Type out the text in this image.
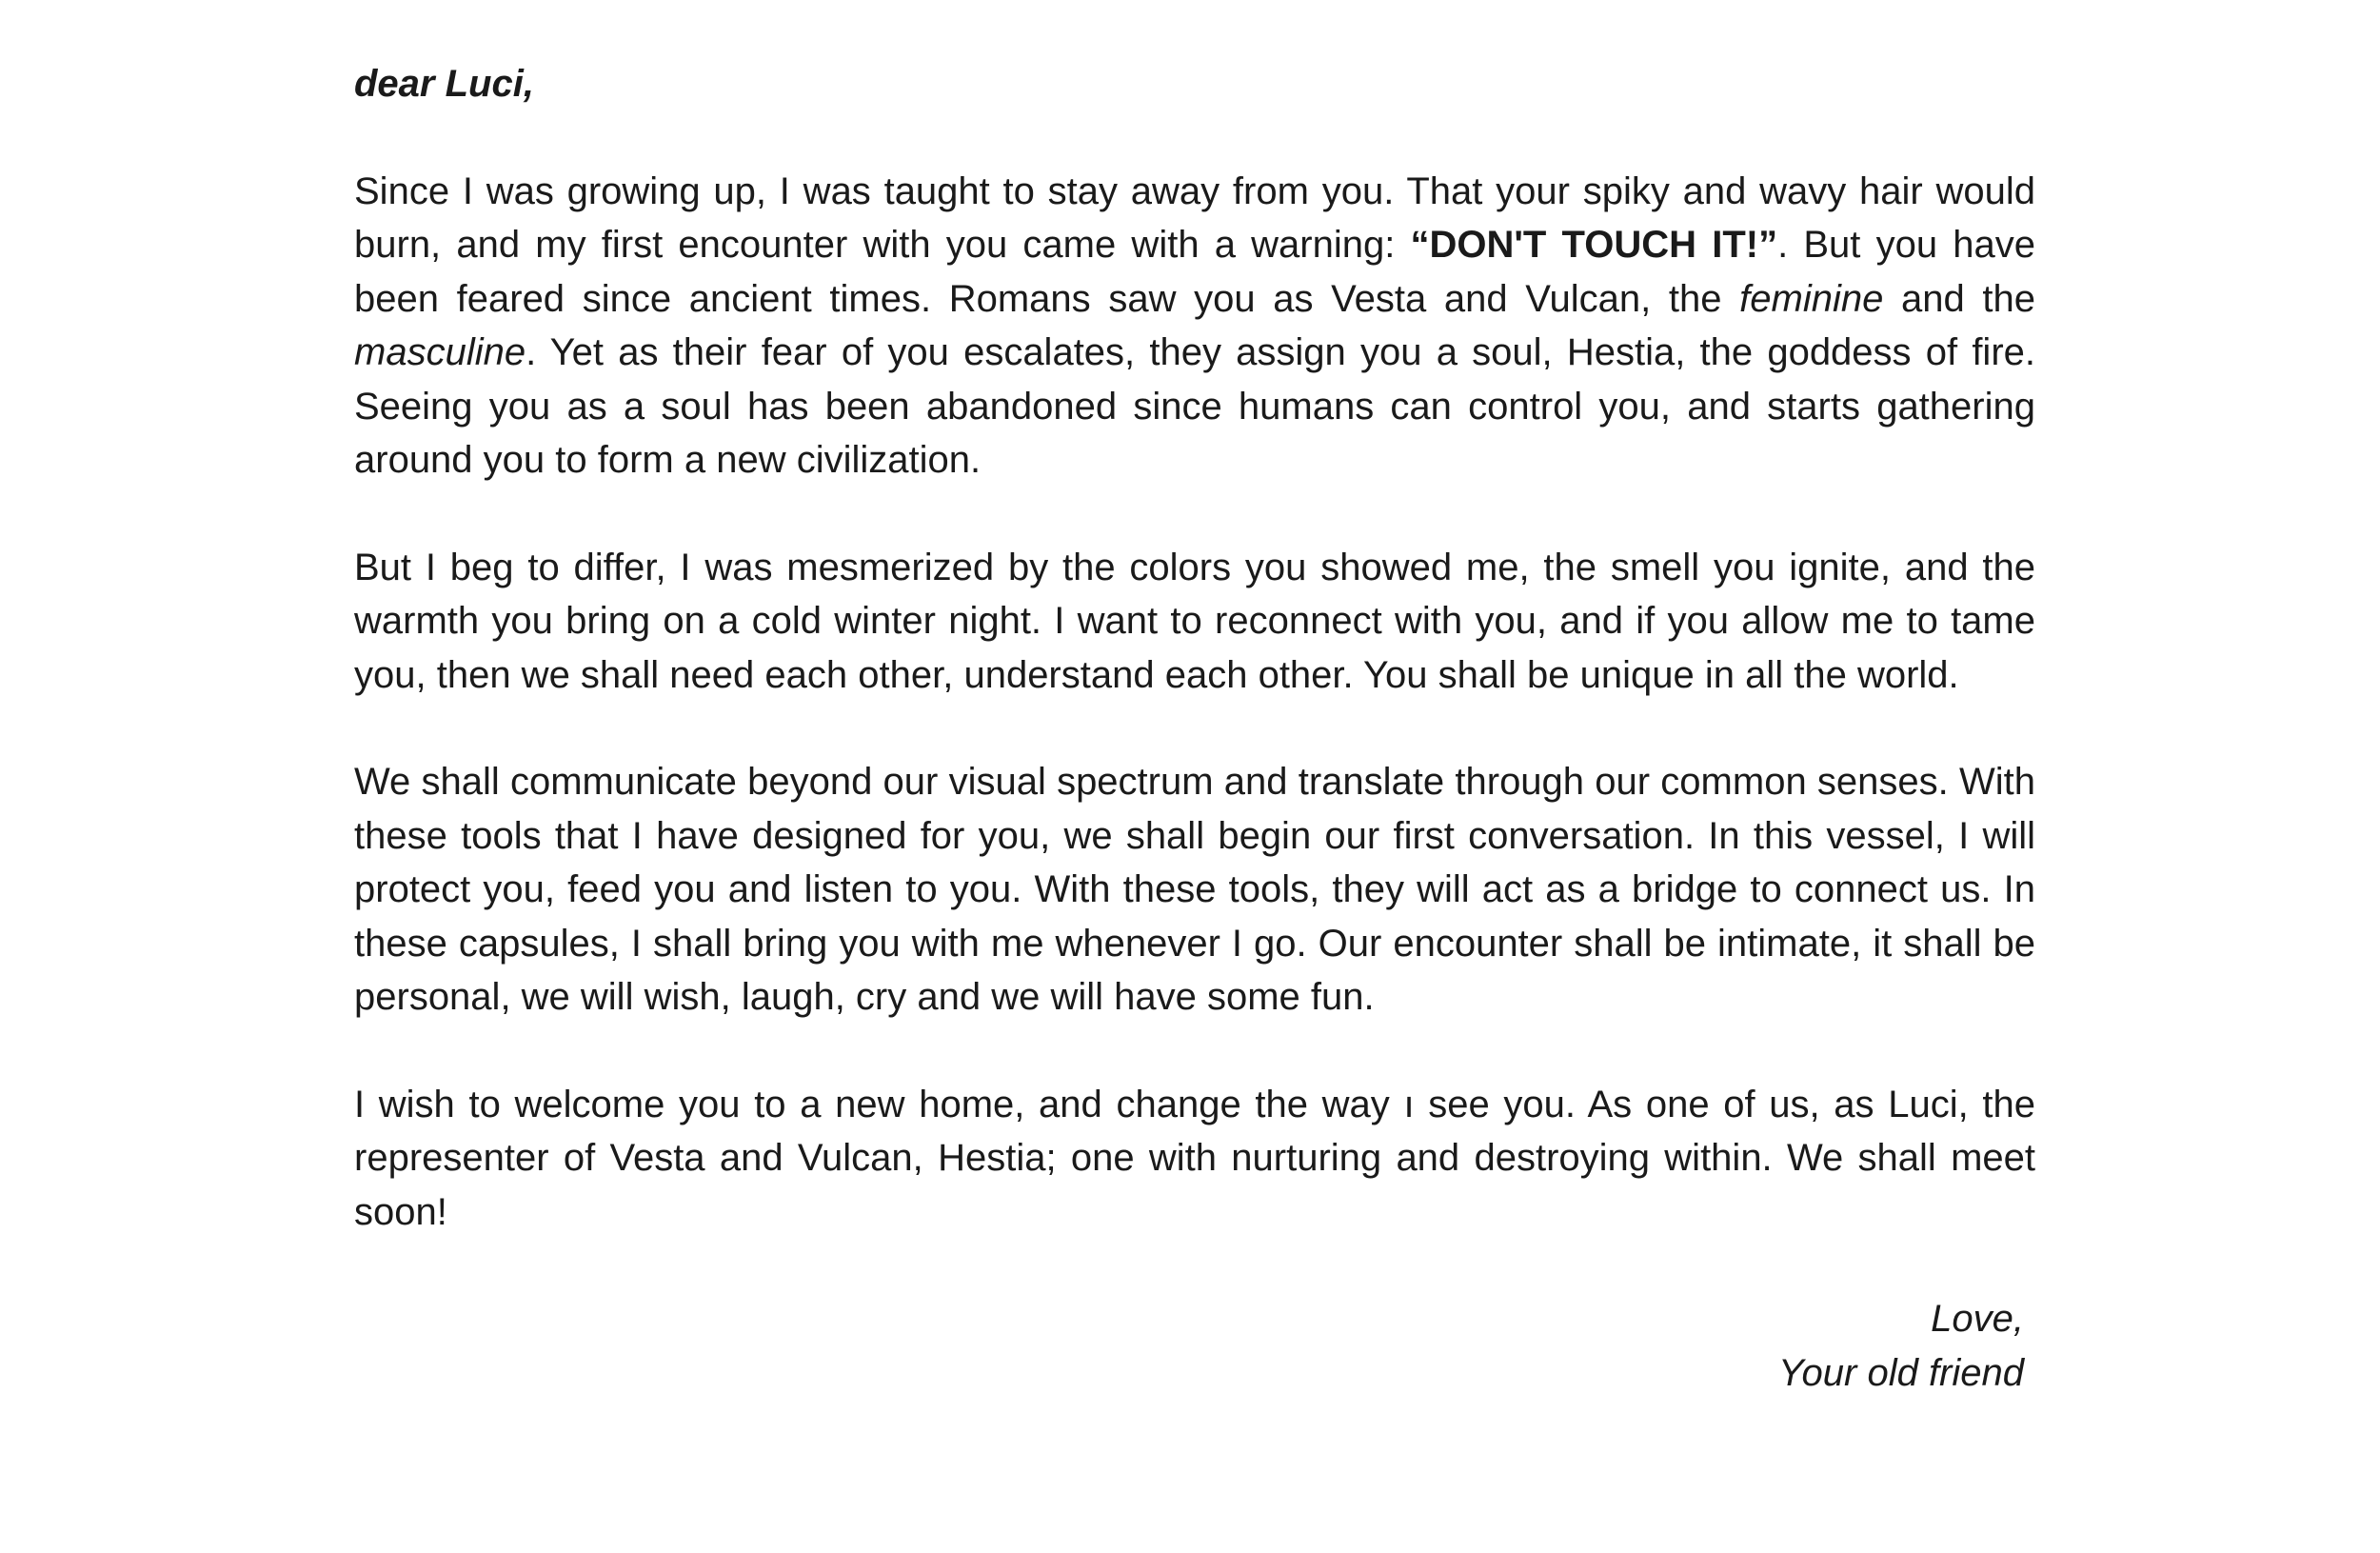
dear Luci,

Since I was growing up, I was taught to stay away from you. That your spiky and wavy hair would burn, and my first encounter with you came with a warning: “DON'T TOUCH IT!”. But you have been feared since ancient times. Romans saw you as Vesta and Vulcan, the feminine and the masculine. Yet as their fear of you escalates, they assign you a soul, Hestia, the goddess of fire. Seeing you as a soul has been abandoned since humans can control you, and starts gathering around you to form a new civilization.

But I beg to differ, I was mesmerized by the colors you showed me, the smell you ignite, and the warmth you bring on a cold winter night. I want to reconnect with you, and if you allow me to tame you, then we shall need each other, understand each other. You shall be unique in all the world.

We shall communicate beyond our visual spectrum and translate through our common senses. With these tools that I have designed for you, we shall begin our first conversation. In this vessel, I will protect you, feed you and listen to you. With these tools, they will act as a bridge to connect us. In these capsules, I shall bring you with me whenever I go. Our encounter shall be intimate, it shall be personal, we will wish, laugh, cry and we will have some fun.

I wish to welcome you to a new home, and change the way ı see you. As one of us, as Luci, the representer of Vesta and Vulcan, Hestia; one with nurturing and destroying within. We shall meet soon!

Love,
Your old friend
